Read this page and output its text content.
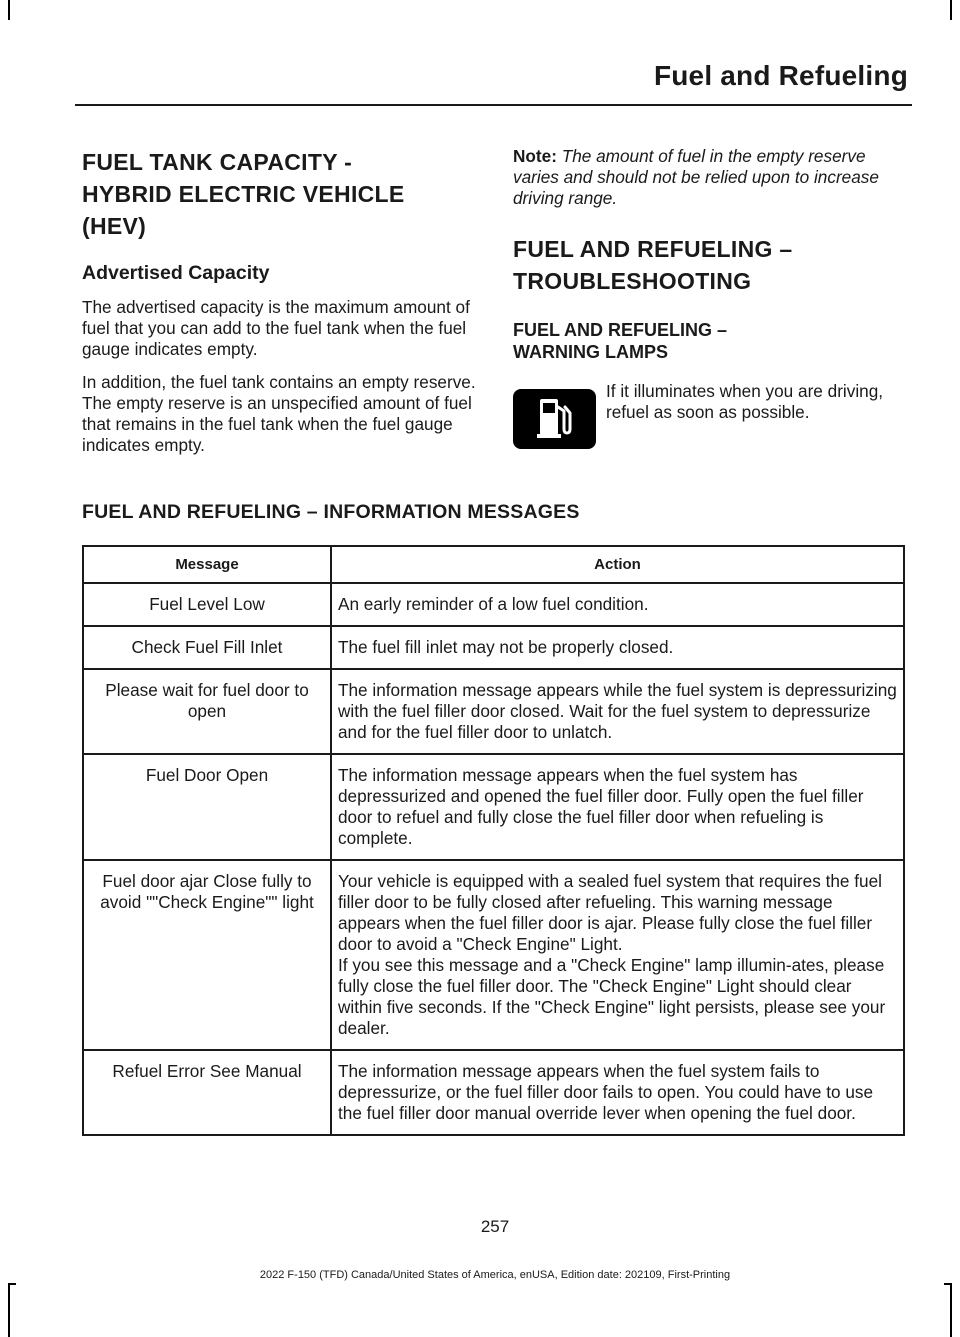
Fuel and Refueling
FUEL TANK CAPACITY -
HYBRID ELECTRIC VEHICLE
(HEV)
Advertised Capacity

The advertised capacity is the maximum amount of fuel that you can add to the fuel tank when the fuel gauge indicates empty.

In addition, the fuel tank contains an empty reserve. The empty reserve is an unspecified amount of fuel that remains in the fuel tank when the fuel gauge indicates empty.

Note: The amount of fuel in the empty reserve varies and should not be relied upon to increase driving range.

FUEL AND REFUELING –
TROUBLESHOOTING
FUEL AND REFUELING –
WARNING LAMPS
If it illuminates when you are driving, refuel as soon as possible.
FUEL AND REFUELING – INFORMATION MESSAGES
Message	Action
Fuel Level Low	An early reminder of a low fuel condition.
Check Fuel Fill Inlet	The fuel fill inlet may not be properly closed.
Please wait for fuel door to open	The information message appears while the fuel system is depressurizing with the fuel filler door closed. Wait for the fuel system to depressurize and for the fuel filler door to unlatch.
Fuel Door Open	The information message appears when the fuel system has depressurized and opened the fuel filler door. Fully open the fuel filler door to refuel and fully close the fuel filler door when refueling is complete.
Fuel door ajar Close fully to avoid ""Check Engine"" light	Your vehicle is equipped with a sealed fuel system that requires the fuel filler door to be fully closed after refueling. This warning message appears when the fuel filler door is ajar. Please fully close the fuel filler door to avoid a "Check Engine" Light.
If you see this message and a "Check Engine" lamp illumin-ates, please fully close the fuel filler door. The "Check Engine" Light should clear within five seconds. If the "Check Engine" light persists, please see your dealer.

Refuel Error See Manual	The information message appears when the fuel system fails to depressurize, or the fuel filler door fails to open. You could have to use the fuel filler door manual override lever when opening the fuel door.
257
2022 F-150 (TFD) Canada/United States of America, enUSA, Edition date: 202109, First-Printing
